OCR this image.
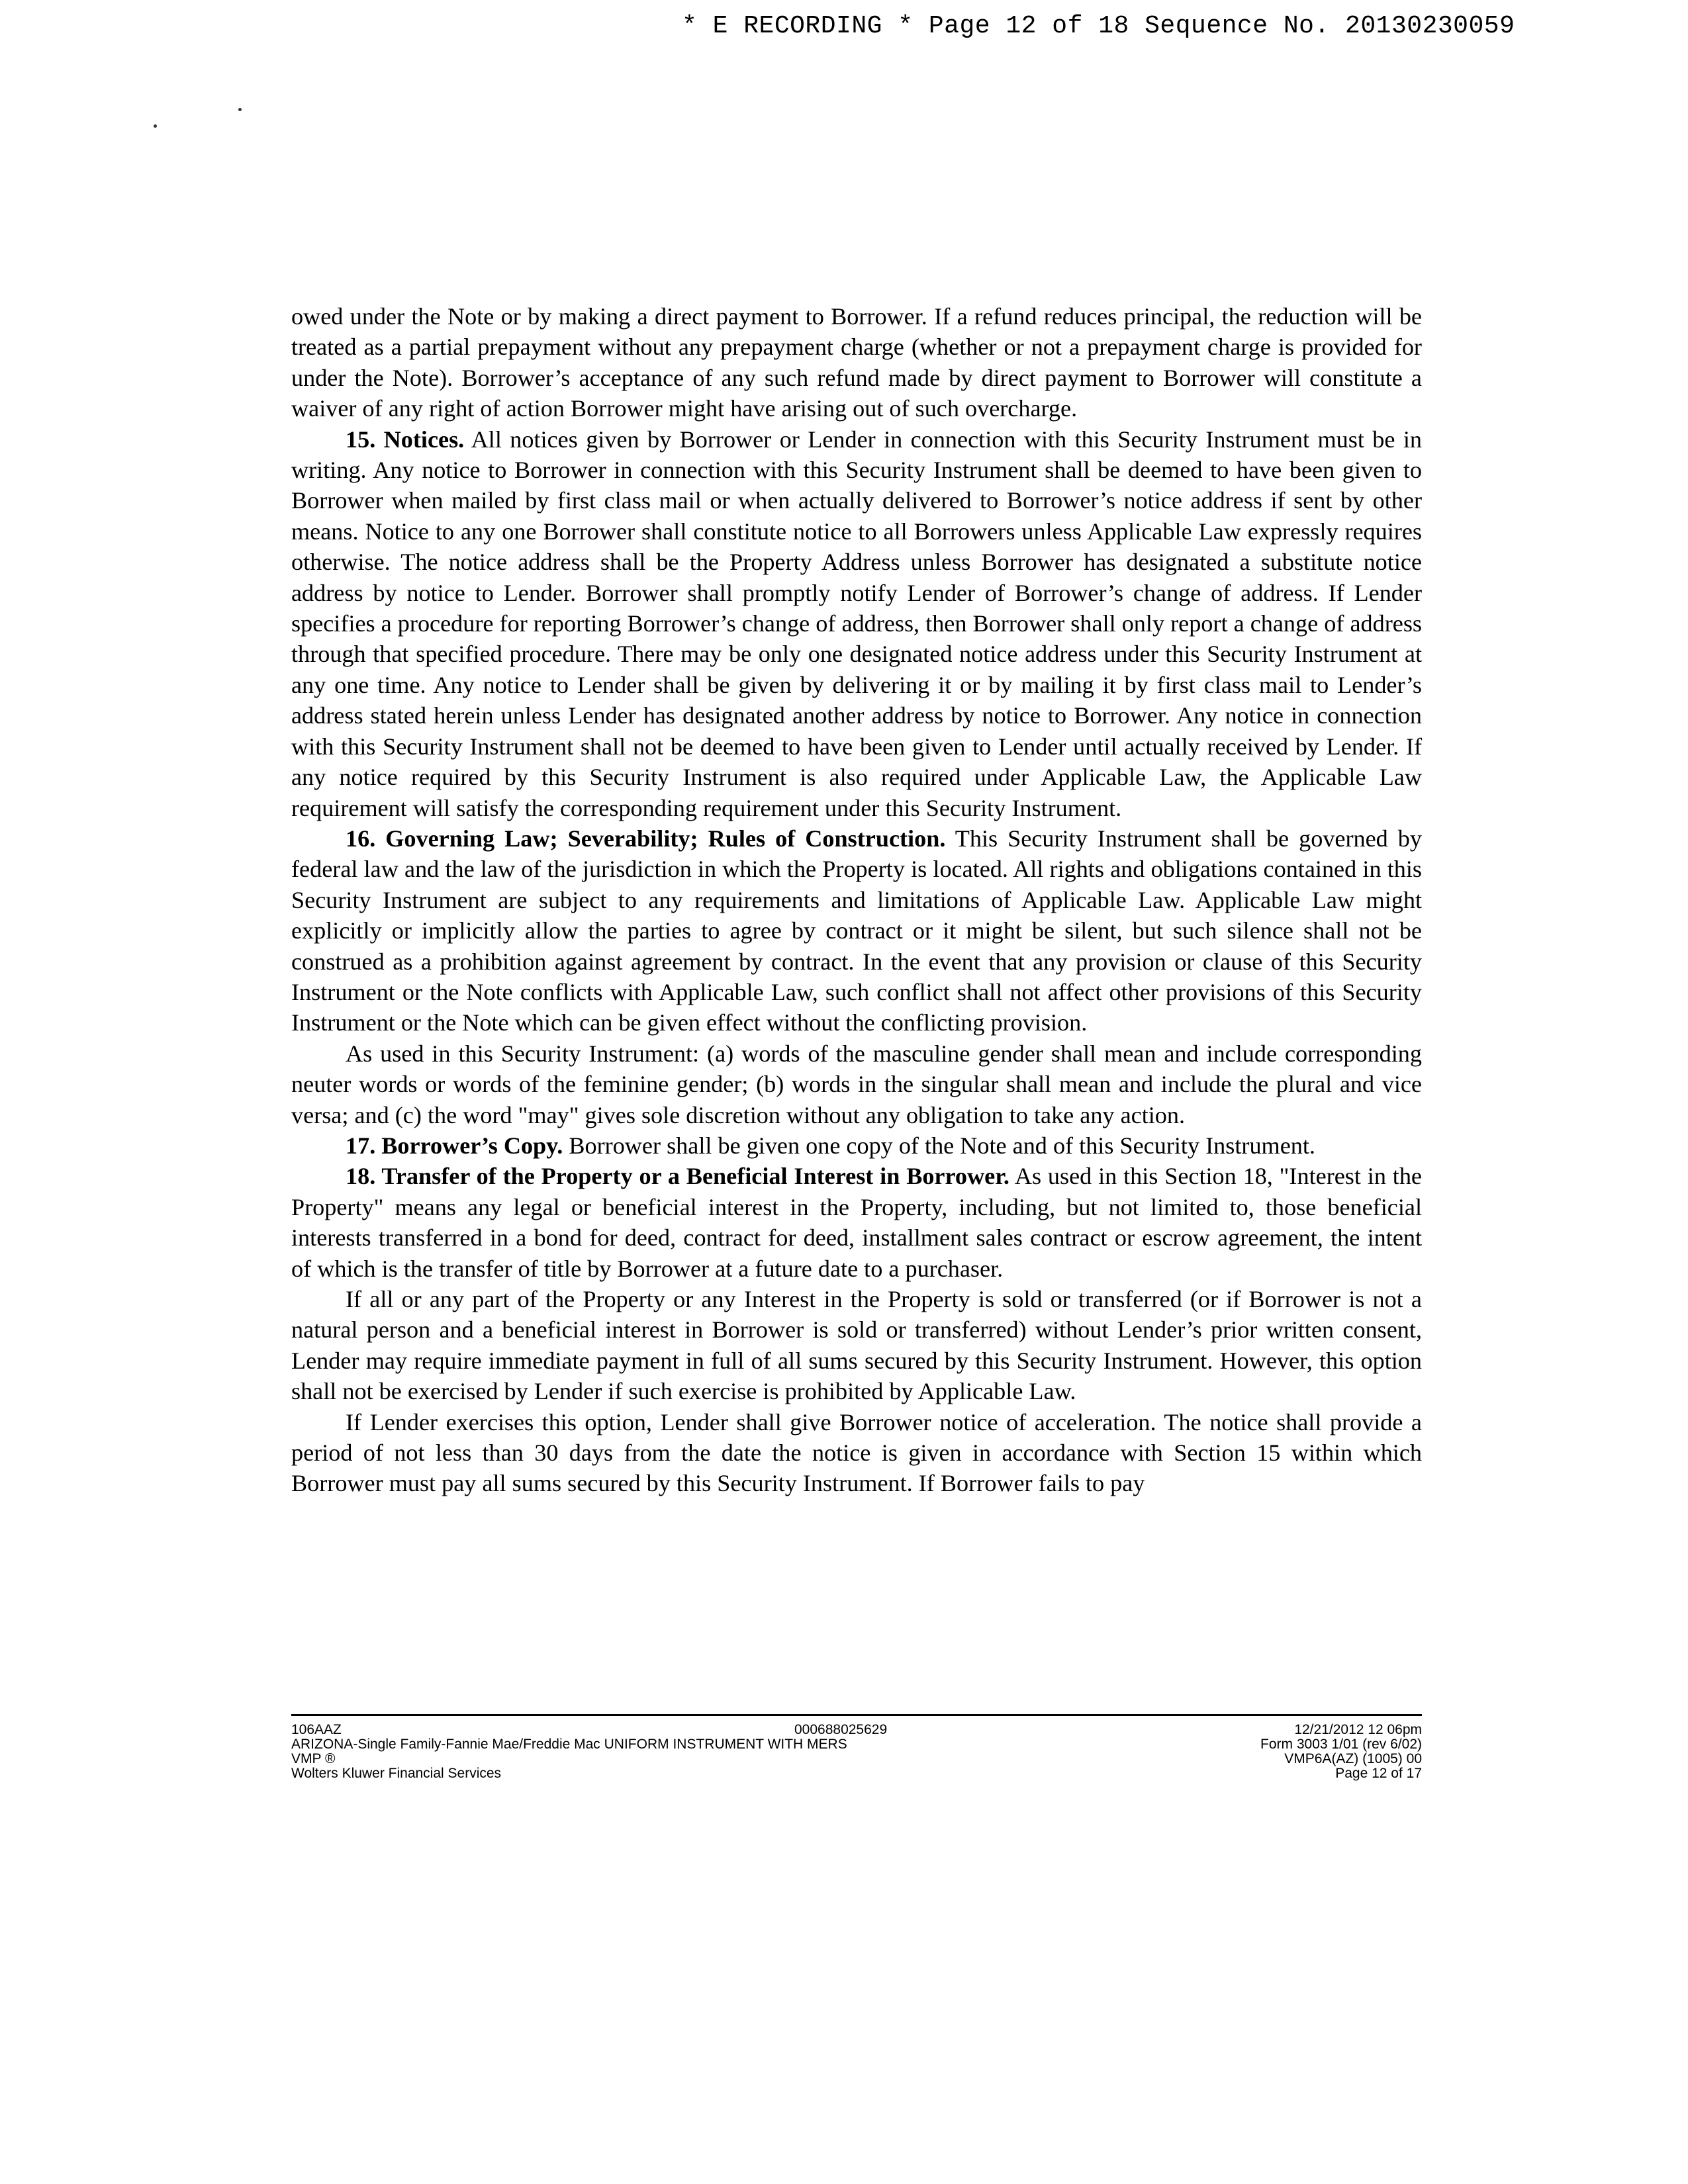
* E RECORDING * Page 12 of 18 Sequence No. 20130230059

owed under the Note or by making a direct payment to Borrower. If a refund reduces principal, the reduction will be treated as a partial prepayment without any prepayment charge (whether or not a prepayment charge is provided for under the Note). Borrower’s acceptance of any such refund made by direct payment to Borrower will constitute a waiver of any right of action Borrower might have arising out of such overcharge.

15. Notices. All notices given by Borrower or Lender in connection with this Security Instrument must be in writing. Any notice to Borrower in connection with this Security Instrument shall be deemed to have been given to Borrower when mailed by first class mail or when actually delivered to Borrower’s notice address if sent by other means. Notice to any one Borrower shall constitute notice to all Borrowers unless Applicable Law expressly requires otherwise. The notice address shall be the Property Address unless Borrower has designated a substitute notice address by notice to Lender. Borrower shall promptly notify Lender of Borrower’s change of address. If Lender specifies a procedure for reporting Borrower’s change of address, then Borrower shall only report a change of address through that specified procedure. There may be only one designated notice address under this Security Instrument at any one time. Any notice to Lender shall be given by delivering it or by mailing it by first class mail to Lender’s address stated herein unless Lender has designated another address by notice to Borrower. Any notice in connection with this Security Instrument shall not be deemed to have been given to Lender until actually received by Lender. If any notice required by this Security Instrument is also required under Applicable Law, the Applicable Law requirement will satisfy the corresponding requirement under this Security Instrument.

16. Governing Law; Severability; Rules of Construction. This Security Instrument shall be governed by federal law and the law of the jurisdiction in which the Property is located. All rights and obligations contained in this Security Instrument are subject to any requirements and limitations of Applicable Law. Applicable Law might explicitly or implicitly allow the parties to agree by contract or it might be silent, but such silence shall not be construed as a prohibition against agreement by contract. In the event that any provision or clause of this Security Instrument or the Note conflicts with Applicable Law, such conflict shall not affect other provisions of this Security Instrument or the Note which can be given effect without the conflicting provision.

As used in this Security Instrument: (a) words of the masculine gender shall mean and include corresponding neuter words or words of the feminine gender; (b) words in the singular shall mean and include the plural and vice versa; and (c) the word "may" gives sole discretion without any obligation to take any action.

17. Borrower’s Copy. Borrower shall be given one copy of the Note and of this Security Instrument.

18. Transfer of the Property or a Beneficial Interest in Borrower. As used in this Section 18, "Interest in the Property" means any legal or beneficial interest in the Property, including, but not limited to, those beneficial interests transferred in a bond for deed, contract for deed, installment sales contract or escrow agreement, the intent of which is the transfer of title by Borrower at a future date to a purchaser.

If all or any part of the Property or any Interest in the Property is sold or transferred (or if Borrower is not a natural person and a beneficial interest in Borrower is sold or transferred) without Lender’s prior written consent, Lender may require immediate payment in full of all sums secured by this Security Instrument. However, this option shall not be exercised by Lender if such exercise is prohibited by Applicable Law.

If Lender exercises this option, Lender shall give Borrower notice of acceleration. The notice shall provide a period of not less than 30 days from the date the notice is given in accordance with Section 15 within which Borrower must pay all sums secured by this Security Instrument. If Borrower fails to pay

106AAZ
ARIZONA-Single Family-Fannie Mae/Freddie Mac UNIFORM INSTRUMENT WITH MERS
VMP ®
Wolters Kluwer Financial Services
000688025629	12/21/2012 12 06pm
Form 3003 1/01 (rev 6/02)
VMP6A(AZ) (1005) 00
Page 12 of 17
